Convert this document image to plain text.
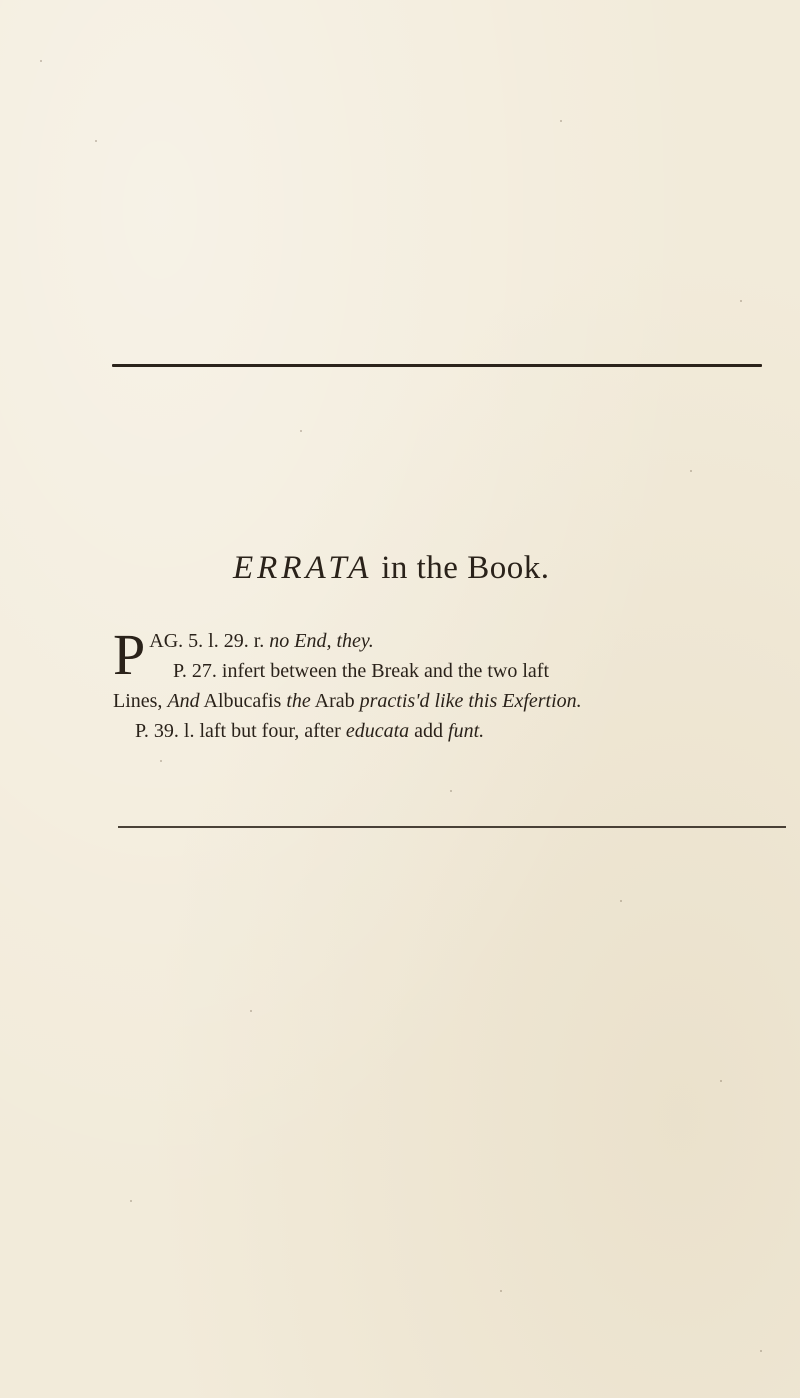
ERRATA in the Book.
P AG. 5. l. 29. r. no End, they.
P. 27. infert between the Break and the two laft
Lines, And Albucafis the Arab practis'd like this Exfertion.
P. 39. l. laft but four, after educata add funt.
